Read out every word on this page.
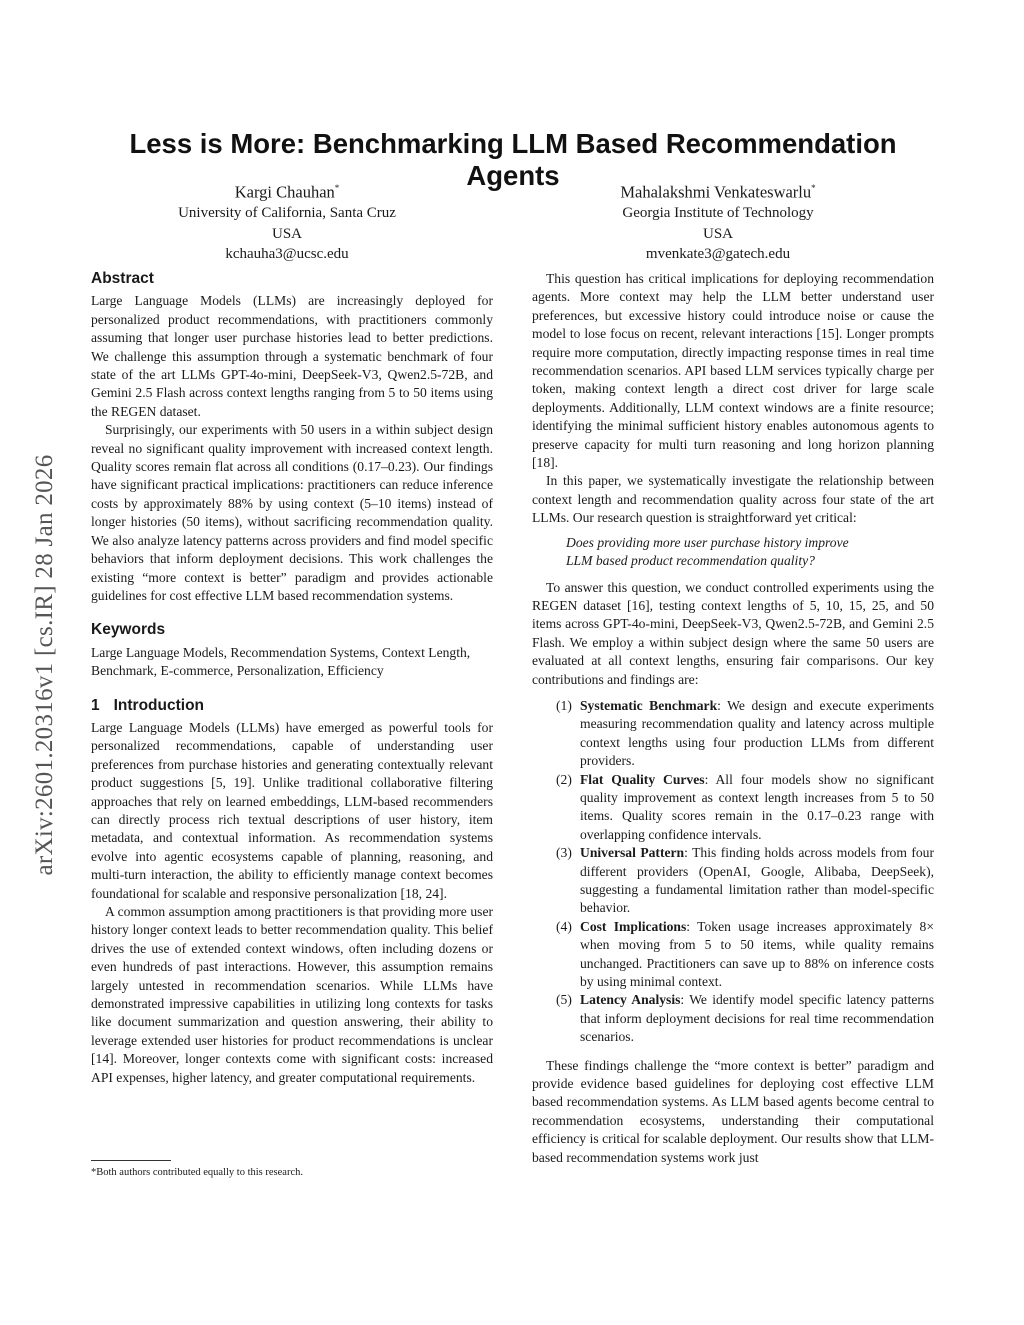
arXiv:2601.20316v1 [cs.IR] 28 Jan 2026
Less is More: Benchmarking LLM Based Recommendation Agents
Kargi Chauhan*
University of California, Santa Cruz
USA
kchauha3@ucsc.edu
Mahalakshmi Venkateswarlu*
Georgia Institute of Technology
USA
mvenkate3@gatech.edu
Abstract

Large Language Models (LLMs) are increasingly deployed for personalized product recommendations, with practitioners commonly assuming that longer user purchase histories lead to better predictions. We challenge this assumption through a systematic benchmark of four state of the art LLMs GPT-4o-mini, DeepSeek-V3, Qwen2.5-72B, and Gemini 2.5 Flash across context lengths ranging from 5 to 50 items using the REGEN dataset.

Surprisingly, our experiments with 50 users in a within subject design reveal no significant quality improvement with increased context length. Quality scores remain flat across all conditions (0.17–0.23). Our findings have significant practical implications: practitioners can reduce inference costs by approximately 88% by using context (5–10 items) instead of longer histories (50 items), without sacrificing recommendation quality. We also analyze latency patterns across providers and find model specific behaviors that inform deployment decisions. This work challenges the existing “more context is better” paradigm and provides actionable guidelines for cost effective LLM based recommendation systems.

Keywords

Large Language Models, Recommendation Systems, Context Length, Benchmark, E-commerce, Personalization, Efficiency

1 Introduction

Large Language Models (LLMs) have emerged as powerful tools for personalized recommendations, capable of understanding user preferences from purchase histories and generating contextually relevant product suggestions [5, 19]. Unlike traditional collaborative filtering approaches that rely on learned embeddings, LLM-based recommenders can directly process rich textual descriptions of user history, item metadata, and contextual information. As recommendation systems evolve into agentic ecosystems capable of planning, reasoning, and multi-turn interaction, the ability to efficiently manage context becomes foundational for scalable and responsive personalization [18, 24].

A common assumption among practitioners is that providing more user history longer context leads to better recommendation quality. This belief drives the use of extended context windows, often including dozens or even hundreds of past interactions. However, this assumption remains largely untested in recommendation scenarios. While LLMs have demonstrated impressive capabilities in utilizing long contexts for tasks like document summarization and question answering, their ability to leverage extended user histories for product recommendations is unclear [14]. Moreover, longer contexts come with significant costs: increased API expenses, higher latency, and greater computational requirements.

*Both authors contributed equally to this research.

This question has critical implications for deploying recommendation agents. More context may help the LLM better understand user preferences, but excessive history could introduce noise or cause the model to lose focus on recent, relevant interactions [15]. Longer prompts require more computation, directly impacting response times in real time recommendation scenarios. API based LLM services typically charge per token, making context length a direct cost driver for large scale deployments. Additionally, LLM context windows are a finite resource; identifying the minimal sufficient history enables autonomous agents to preserve capacity for multi turn reasoning and long horizon planning [18].

In this paper, we systematically investigate the relationship between context length and recommendation quality across four state of the art LLMs. Our research question is straightforward yet critical:

Does providing more user purchase history improve
LLM based product recommendation quality?

To answer this question, we conduct controlled experiments using the REGEN dataset [16], testing context lengths of 5, 10, 15, 25, and 50 items across GPT-4o-mini, DeepSeek-V3, Qwen2.5-72B, and Gemini 2.5 Flash. We employ a within subject design where the same 50 users are evaluated at all context lengths, ensuring fair comparisons. Our key contributions and findings are:

(1) Systematic Benchmark: We design and execute experiments measuring recommendation quality and latency across multiple context lengths using four production LLMs from different providers.
(2) Flat Quality Curves: All four models show no significant quality improvement as context length increases from 5 to 50 items. Quality scores remain in the 0.17–0.23 range with overlapping confidence intervals.
(3) Universal Pattern: This finding holds across models from four different providers (OpenAI, Google, Alibaba, DeepSeek), suggesting a fundamental limitation rather than model-specific behavior.
(4) Cost Implications: Token usage increases approximately 8× when moving from 5 to 50 items, while quality remains unchanged. Practitioners can save up to 88% on inference costs by using minimal context.
(5) Latency Analysis: We identify model specific latency patterns that inform deployment decisions for real time recommendation scenarios.

These findings challenge the “more context is better” paradigm and provide evidence based guidelines for deploying cost effective LLM based recommendation systems. As LLM based agents become central to recommendation ecosystems, understanding their computational efficiency is critical for scalable deployment. Our results show that LLM-based recommendation systems work just
